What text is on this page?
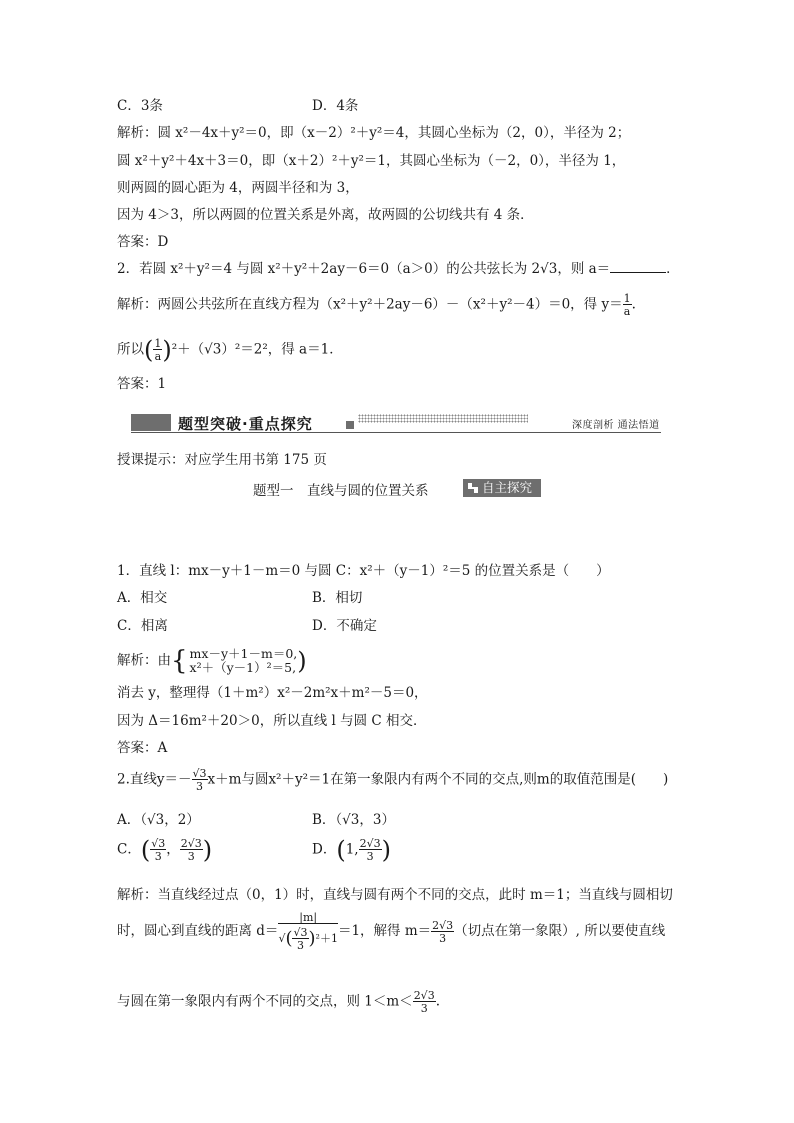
C．3条	D．4条
解析：圆 x²－4x＋y²＝0，即（x－2）²＋y²＝4，其圆心坐标为（2，0），半径为 2；
圆 x²＋y²＋4x＋3＝0，即（x＋2）²＋y²＝1，其圆心坐标为（－2，0），半径为 1，
则两圆的圆心距为 4，两圆半径和为 3，
因为 4＞3，所以两圆的位置关系是外离，故两圆的公切线共有 4 条．
答案：D
2．若圆 x²＋y²＝4 与圆 x²＋y²＋2ay－6＝0（a＞0）的公共弦长为 2√3，则 a＝	．
解析：两圆公共弦所在直线方程为（x²＋y²＋2ay－6）－（x²＋y²－4）＝0，得 $y= \frac{1}{a}$ .
所以( $\frac{1}{a} )^2+(√3)^2=2^2$，得 a＝1．
答案：1
题型突破·重点探究	深度剖析 通法悟道
授课提示：对应学生用书第 175 页
题型一　直线与圆的位置关系	自主探究
1．直线 l：mx－y＋1－m＝0 与圆 C：x²＋（y－1）²＝5 的位置关系是（　　）
A．相交	B．相切
C．相离	D．不确定
解析：由{ mx－y＋1－m＝0,
x²＋（y－1）²＝5, )
消去 y，整理得（1＋m²）x²－2m²x＋m²－5＝0，
因为 Δ＝16m²＋20＞0，所以直线 l 与圆 C 相交．
答案：A
2.直线$y=- \frac{√3}{3} x+m$与圆x²＋y²＝1在第一象限内有两个不同的交点,则m的取值范围是(　　)
A．（√3，2）	B．（√3，3）
C．( $\frac{√3}{3}$ ， $\frac{2√3}{3}$ )	D．(1, $\frac{2√3}{3}$ )
解析：当直线经过点（0，1）时，直线与圆有两个不同的交点，此时 m＝1；当直线与圆相切
时，圆心到直线的距离 $d= \frac{|m|}{√( \frac{√3}{3} )^2+1} =1$，解得 $m= \frac{2√3}{3}$ （切点在第一象限）, 所以要使直线
与圆在第一象限内有两个不同的交点，则 $1<m< \frac{2√3}{3}$ .
